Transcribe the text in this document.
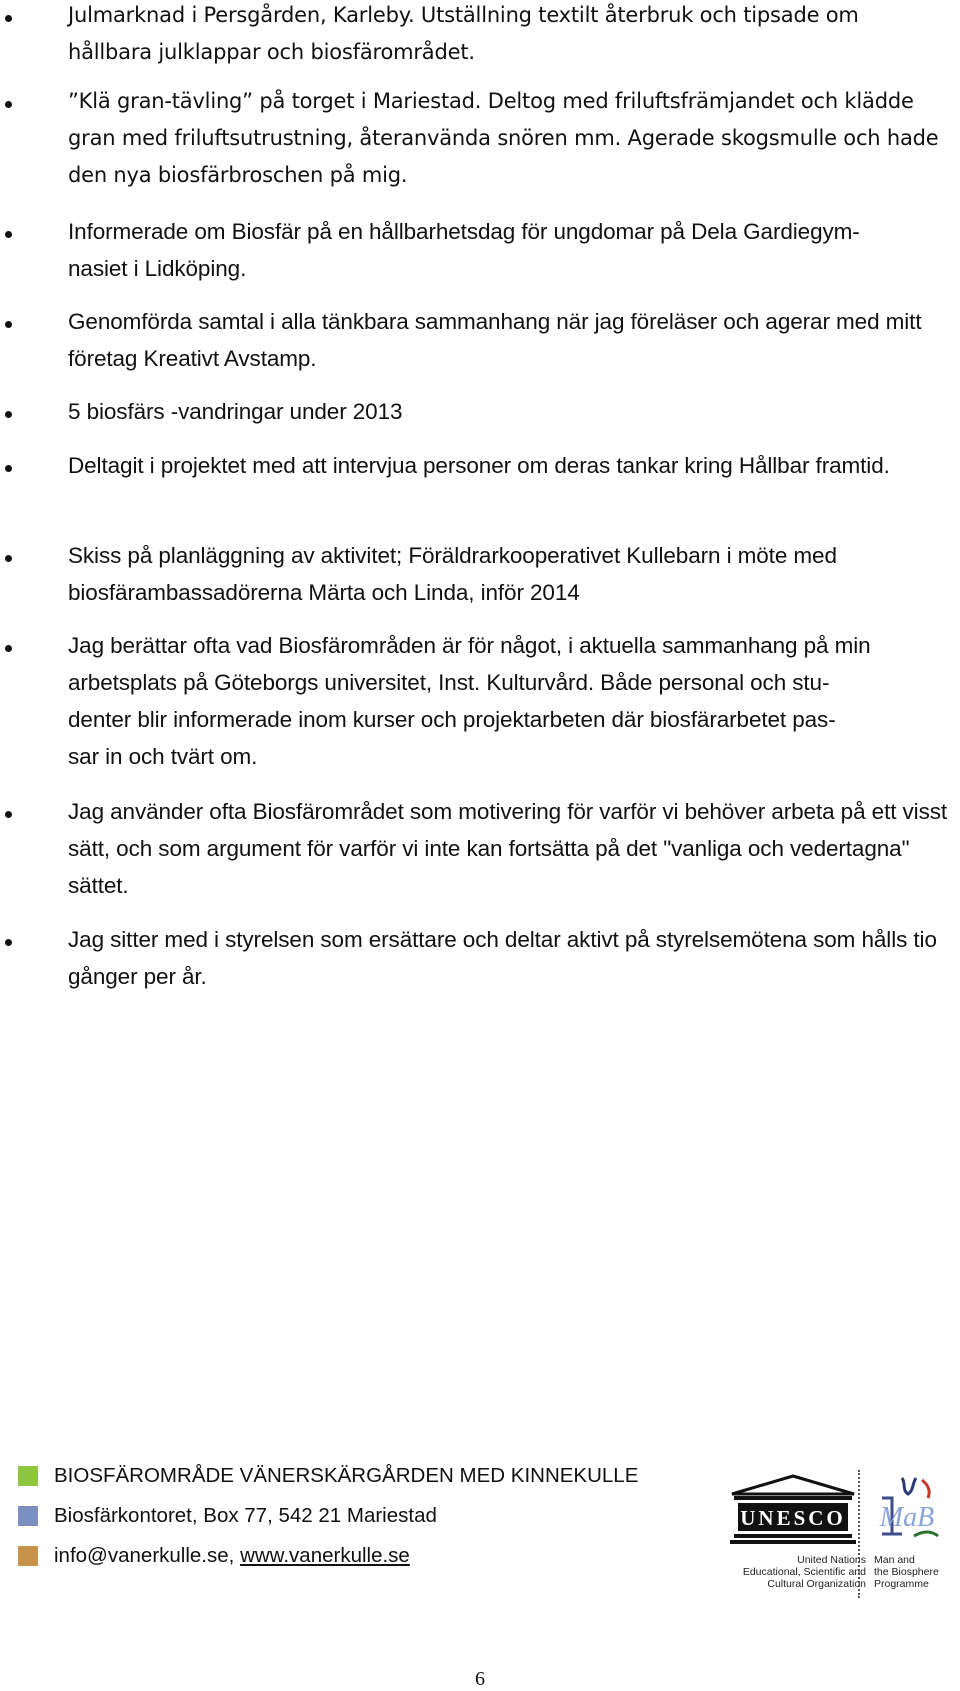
Julmarknad i Persgården, Karleby. Utställning textilt återbruk och tipsade om hållbara julklappar och biosfärområdet.
”Klä gran-tävling” på torget i Mariestad. Deltog med friluftsfrämjandet och klädde gran med friluftsutrustning, återanvända snören mm. Agerade skogsmulle och hade den nya biosfärbroschen på mig.
Informerade om Biosfär på en hållbarhetsdag för ungdomar på Dela Gardiegym-
nasiet i Lidköping.
Genomförda samtal i alla tänkbara sammanhang när jag föreläser och agerar med mitt företag Kreativt Avstamp.
5 biosfärs -vandringar under 2013
Deltagit i projektet med att intervjua personer om deras tankar kring Hållbar framtid.
Skiss på planläggning av aktivitet; Föräldrarkooperativet Kullebarn i möte med biosfärambassadörerna Märta och Linda, inför 2014
Jag berättar ofta vad Biosfärområden är för något, i aktuella sammanhang på min arbetsplats på Göteborgs universitet, Inst. Kulturvård. Både personal och stu-
denter blir informerade inom kurser och projektarbeten där biosfärarbetet pas-
sar in och tvärt om.
Jag använder ofta Biosfärområdet som motivering för varför vi behöver arbeta på ett visst sätt, och som argument för varför vi inte kan fortsätta på det "vanliga och vedertagna" sättet.
Jag sitter med i styrelsen som ersättare och deltar aktivt på styrelsemötena som hålls tio gånger per år.
BIOSFÄROMRÅDE VÄNERSKÄRGÅRDEN MED KINNEKULLE
Biosfärkontoret, Box 77, 542 21 Mariestad
info@vanerkulle.se,
www.vanerkulle.se
UNESCO
United Nations
Educational, Scientific and
Cultural Organization
MaB
Man and
the Biosphere
Programme
6
